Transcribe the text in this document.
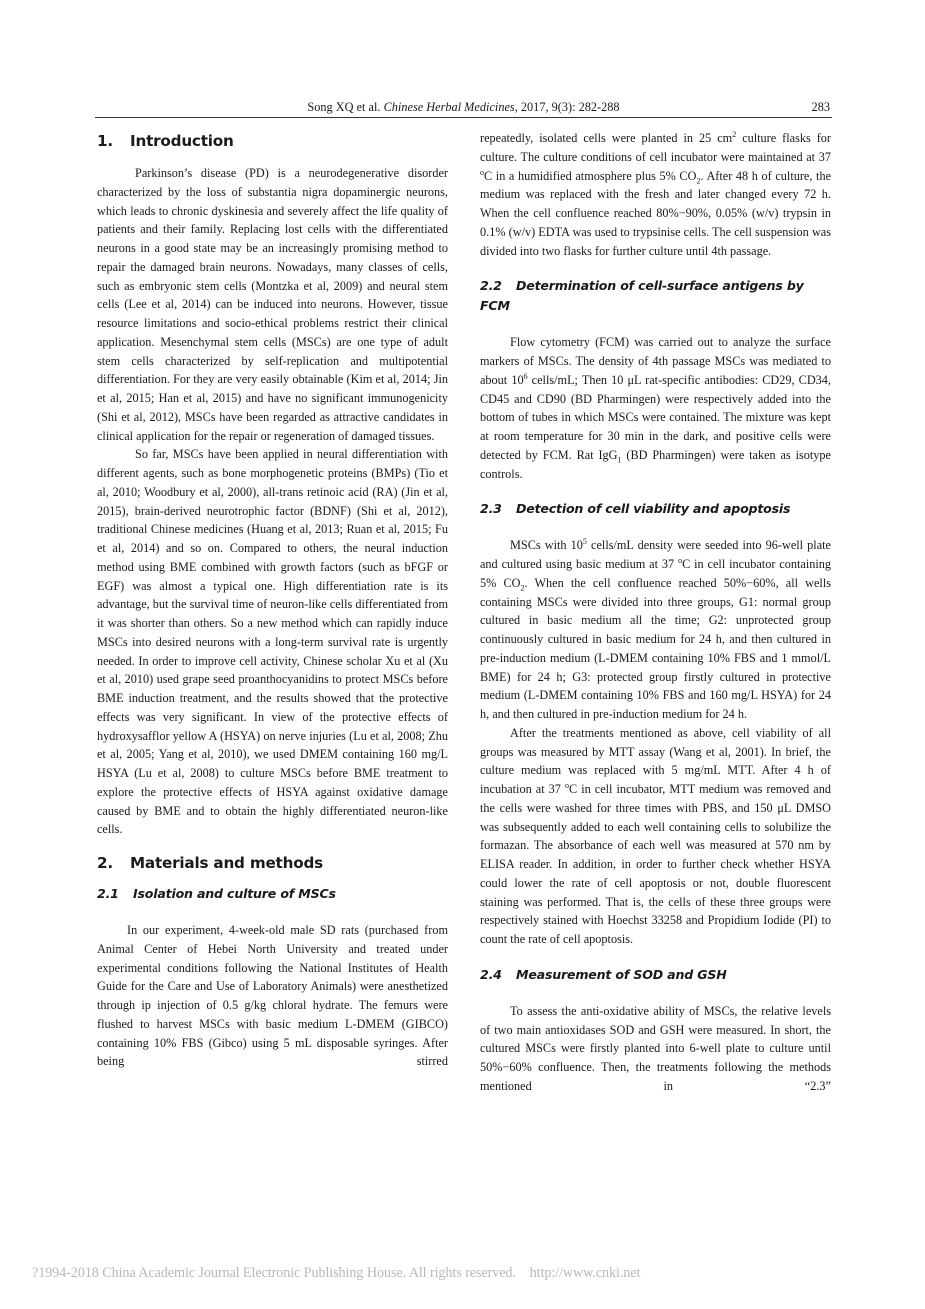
Song XQ et al. Chinese Herbal Medicines, 2017, 9(3): 282-288	283
1. Introduction

Parkinson’s disease (PD) is a neurodegenerative disorder characterized by the loss of substantia nigra dopaminergic neurons, which leads to chronic dyskinesia and severely affect the life quality of patients and their family. Replacing lost cells with the differentiated neurons in a good state may be an increasingly promising method to repair the damaged brain neurons. Nowadays, many classes of cells, such as embryonic stem cells (Montzka et al, 2009) and neural stem cells (Lee et al, 2014) can be induced into neurons. However, tissue resource limitations and socio-ethical problems restrict their clinical application. Mesenchymal stem cells (MSCs) are one type of adult stem cells characterized by self-replication and multipotential differentiation. For they are very easily obtainable (Kim et al, 2014; Jin et al, 2015; Han et al, 2015) and have no significant immunogenicity (Shi et al, 2012), MSCs have been regarded as attractive candidates in clinical application for the repair or regeneration of damaged tissues.

So far, MSCs have been applied in neural differentiation with different agents, such as bone morphogenetic proteins (BMPs) (Tio et al, 2010; Woodbury et al, 2000), all-trans retinoic acid (RA) (Jin et al, 2015), brain-derived neurotrophic factor (BDNF) (Shi et al, 2012), traditional Chinese medicines (Huang et al, 2013; Ruan et al, 2015; Fu et al, 2014) and so on. Compared to others, the neural induction method using BME combined with growth factors (such as bFGF or EGF) was almost a typical one. High differentiation rate is its advantage, but the survival time of neuron-like cells differentiated from it was shorter than others. So a new method which can rapidly induce MSCs into desired neurons with a long-term survival rate is urgently needed. In order to improve cell activity, Chinese scholar Xu et al (Xu et al, 2010) used grape seed proanthocyanidins to protect MSCs before BME induction treatment, and the results showed that the protective effects was very significant. In view of the protective effects of hydroxysafflor yellow A (HSYA) on nerve injuries (Lu et al, 2008; Zhu et al, 2005; Yang et al, 2010), we used DMEM containing 160 mg/L HSYA (Lu et al, 2008) to culture MSCs before BME treatment to explore the protective effects of HSYA against oxidative damage caused by BME and to obtain the highly differentiated neuron-like cells.

2. Materials and methods
2.1 Isolation and culture of MSCs

In our experiment, 4-week-old male SD rats (purchased from Animal Center of Hebei North University and treated under experimental conditions following the National Institutes of Health Guide for the Care and Use of Laboratory Animals) were anesthetized through ip injection of 0.5 g/kg chloral hydrate. The femurs were flushed to harvest MSCs with basic medium L-DMEM (GIBCO) containing 10% FBS (Gibco) using 5 mL disposable syringes. After being stirred

repeatedly, isolated cells were planted in 25 $cm^2$ culture flasks for culture. The culture conditions of cell incubator were maintained at 37 $^o$C in a humidified atmosphere plus 5% $CO_2$. After 48 h of culture, the medium was replaced with the fresh and later changed every 72 h. When the cell confluence reached 80%−90%, 0.05% (w/v) trypsin in 0.1% (w/v) EDTA was used to trypsinise cells. The cell suspension was divided into two flasks for further culture until 4th passage.

2.2 Determination of cell-surface antigens by FCM

Flow cytometry (FCM) was carried out to analyze the surface markers of MSCs. The density of 4th passage MSCs was mediated to about $10^6$ cells/mL; Then 10 μL rat-specific antibodies: CD29, CD34, CD45 and CD90 (BD Pharmingen) were respectively added into the bottom of tubes in which MSCs were contained. The mixture was kept at room temperature for 30 min in the dark, and positive cells were detected by FCM. Rat IgG$_1$ (BD Pharmingen) were taken as isotype controls.

2.3 Detection of cell viability and apoptosis

MSCs with $10^5$ cells/mL density were seeded into 96-well plate and cultured using basic medium at 37 $^o$C in cell incubator containing 5% $CO_2$. When the cell confluence reached 50%−60%, all wells containing MSCs were divided into three groups, G1: normal group cultured in basic medium all the time; G2: unprotected group continuously cultured in basic medium for 24 h, and then cultured in pre-induction medium (L-DMEM containing 10% FBS and 1 mmol/L BME) for 24 h; G3: protected group firstly cultured in protective medium (L-DMEM containing 10% FBS and 160 mg/L HSYA) for 24 h, and then cultured in pre-induction medium for 24 h.

After the treatments mentioned as above, cell viability of all groups was measured by MTT assay (Wang et al, 2001). In brief, the culture medium was replaced with 5 mg/mL MTT. After 4 h of incubation at 37 $^o$C in cell incubator, MTT medium was removed and the cells were washed for three times with PBS, and 150 μL DMSO was subsequently added to each well containing cells to solubilize the formazan. The absorbance of each well was measured at 570 nm by ELISA reader. In addition, in order to further check whether HSYA could lower the rate of cell apoptosis or not, double fluorescent staining was performed. That is, the cells of these three groups were respectively stained with Hoechst 33258 and Propidium Iodide (PI) to count the rate of cell apoptosis.

2.4 Measurement of SOD and GSH

To assess the anti-oxidative ability of MSCs, the relative levels of two main antioxidases SOD and GSH were measured. In short, the cultured MSCs were firstly planted into 6-well plate to culture until 50%−60% confluence. Then, the treatments following the methods mentioned in “2.3”

?1994-2018 China Academic Journal Electronic Publishing House. All rights reserved. http://www.cnki.net
